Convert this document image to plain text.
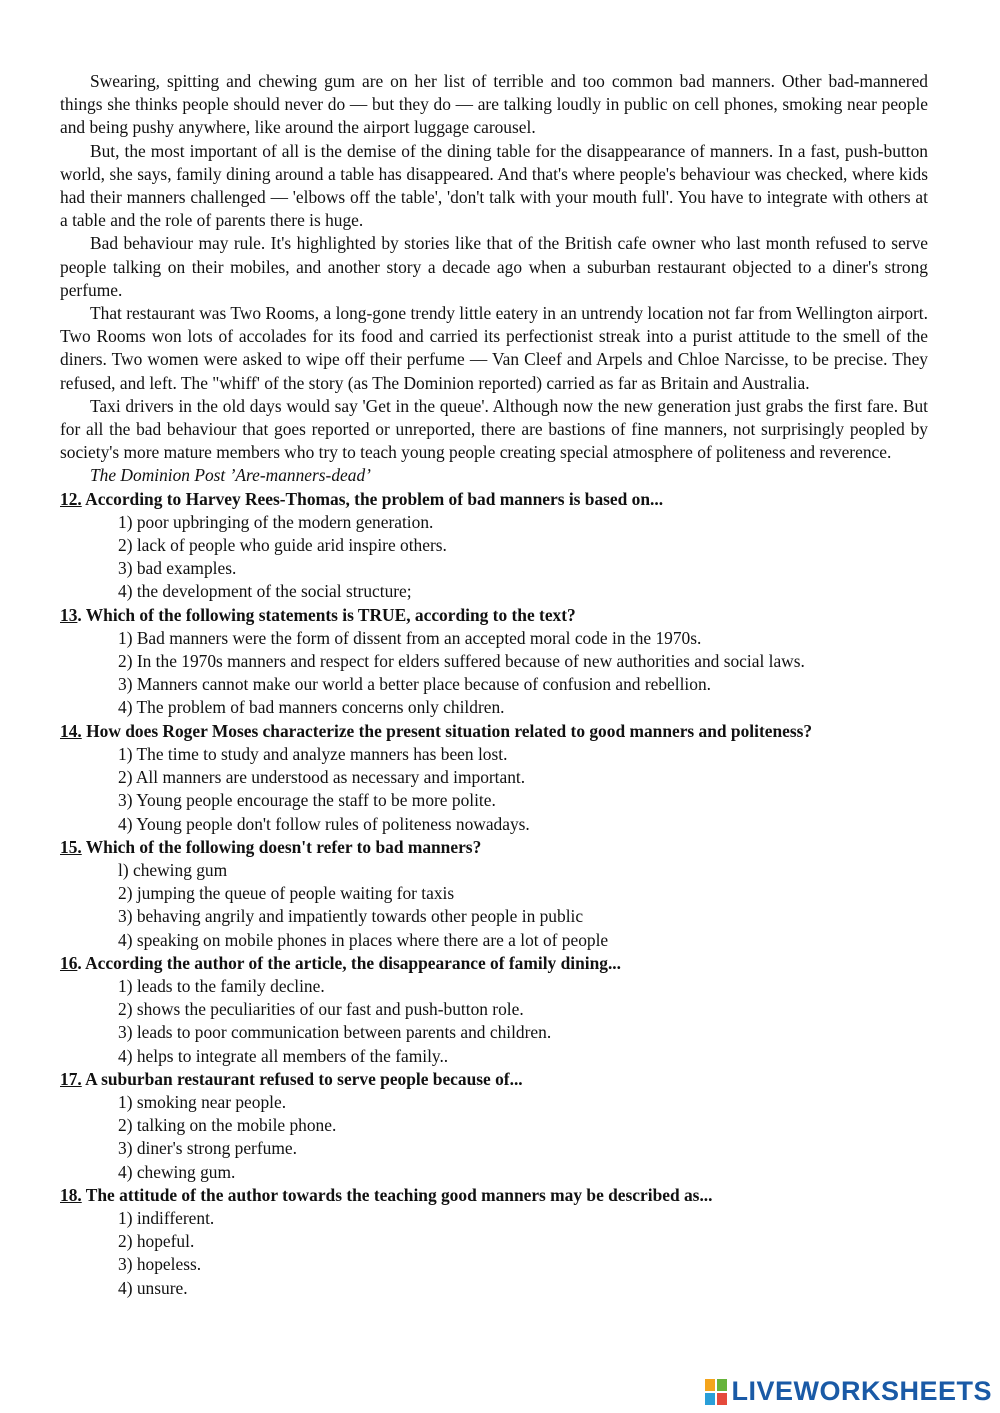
Swearing, spitting and chewing gum are on her list of terrible and too common bad manners. Other bad-mannered things she thinks people should never do — but they do — are talking loudly in public on cell phones, smoking near people and being pushy anywhere, like around the airport luggage carousel.

But, the most important of all is the demise of the dining table for the disappearance of manners. In a fast, push-button world, she says, family dining around a table has disappeared. And that's where people's behaviour was checked, where kids had their manners challenged — 'elbows off the table', 'don't talk with your mouth full'. You have to integrate with others at a table and the role of parents there is huge.

Bad behaviour may rule. It's highlighted by stories like that of the British cafe owner who last month refused to serve people talking on their mobiles, and another story a decade ago when a suburban restaurant objected to a diner's strong perfume.

That restaurant was Two Rooms, a long-gone trendy little eatery in an untrendy location not far from Wellington airport. Two Rooms won lots of accolades for its food and carried its perfectionist streak into a purist attitude to the smell of the diners. Two women were asked to wipe off their perfume — Van Cleef and Arpels and Chloe Narcisse, to be precise. They refused, and left. The "whiff' of the story (as The Dominion reported) carried as far as Britain and Australia.

Taxi drivers in the old days would say 'Get in the queue'. Although now the new generation just grabs the first fare. But for all the bad behaviour that goes reported or unreported, there are bastions of fine manners, not surprisingly peopled by society's more mature members who try to teach young people creating special atmosphere of politeness and reverence.

The Dominion Post ’Are-manners-dead’

12. According to Harvey Rees-Thomas, the problem of bad manners is based on...

1) poor upbringing of the modern generation.

2) lack of people who guide arid inspire others.

3) bad examples.

4) the development of the social structure;

13. Which of the following statements is TRUE, according to the text?

1) Bad manners were the form of dissent from an accepted moral code in the 1970s.

2) In the 1970s manners and respect for elders suffered because of new authorities and social laws.

3) Manners cannot make our world a better place because of confusion and rebellion.

4) The problem of bad manners concerns only children.

14. How does Roger Moses characterize the present situation related to good manners and politeness?

1) The time to study and analyze manners has been lost.

2) All manners are understood as necessary and important.

3) Young people encourage the staff to be more polite.

4) Young people don't follow rules of politeness nowadays.

15. Which of the following doesn't refer to bad manners?

l) chewing gum

2) jumping the queue of people waiting for taxis

3) behaving angrily and impatiently towards other people in public

4) speaking on mobile phones in places where there are a lot of people

16. According the author of the article, the disappearance of family dining...

1) leads to the family decline.

2) shows the peculiarities of our fast and push-button role.

3) leads to poor communication between parents and children.

4) helps to integrate all members of the family..

17. A suburban restaurant refused to serve people because of...

1) smoking near people.

2) talking on the mobile phone.

3) diner's strong perfume.

4) chewing gum.

18. The attitude of the author towards the teaching good manners may be described as...

1) indifferent.

2) hopeful.

3) hopeless.

4) unsure.

LIVEWORKSHEETS
